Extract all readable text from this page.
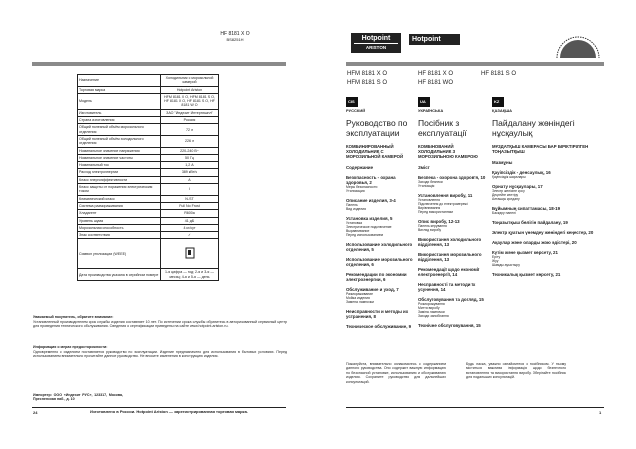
HF 8181 X O
BS8251H
Назначение	Холодильник с морозильной камерой
Торговая марка	Hotpoint Ariston
Модель	HFM 8181 X O, HFM 8181 S O, HF 8181 X O, HF 8181 S O, HF 8181 W O
Изготовитель	ЗАО "Индезит Интернэшнл"
Страна изготовления	Россия
Общий полезный объём морозильного отделения	72 л
Общий полезный объём холодильного отделения	226 л
Номинальное значение напряжения	220-240 В~
Номинальное значение частоты	50 Гц
Номинальный ток	1,2 А
Расход электроэнергии	389 кВт/ч
Класс энергоэффективности	A
Класс защиты от поражения электрическим током	I
Климатический класс	N-ST
Система размораживания	Full No Frost
Хладагент	R600a
Уровень шума	41 дБ
Морозильная способность	4 кг/сут
Знак соответствия	✓
Символ утилизации (WEEE)	
Дата производства указана в серийном номере	1-я цифра — год; 2-я и 3-я — месяц; 4-я и 5-я — день
Уважаемый покупатель, обратите внимание:
Установленный производителем срок службы изделия составляет 10 лет. По истечении срока службы обратитесь в авторизованный сервисный центр для проведения технического обслуживания. Сведения о сертификации приведены на сайте www.hotpoint-ariston.ru.
Информация о мерах предосторожности:
Одновременно с изделием поставляется руководство по эксплуатации. Изделие предназначено для использования в бытовых условиях. Перед использованием внимательно прочитайте данное руководство. Не вносите изменения в конструкцию изделия.
Импортер: ООО «Индезит РУС», 123317, Москва, Пресненская наб., д. 10
24	Изготовлено в России. Hotpoint Ariston — зарегистрированная торговая марка.
Hotpoint
ARISTON
Hotpoint
HFM 8181 X O	HF 8181 X O	HF 8181 S O
HFM 8181 S O	HF 8181 WO
CIS
РУССКИЙ
Руководство по эксплуатации
КОМБИНИРОВАННЫЙ ХОЛОДИЛЬНИК С МОРОЗИЛЬНОЙ КАМЕРОЙ
Содержание
Безопасность - охрана здоровья, 2
Меры безопасности
Утилизация
Описание изделия, 3-4
Панель
Вид изделия
Установка изделия, 5
Установка
Электрическое подключение
Выравнивание
Перед использованием
Использование холодильного отделения, 5
Использование морозильного отделения, 6
Рекомендации по экономии электроэнергии, 6
Обслуживание и уход, 7
Размораживание
Мойка изделия
Замена лампочки
Неисправности и методы их устранения, 8
Техническое обслуживание, 9
UA
УКРАЇНСЬКА
Посібник з експлуатації
КОМБІНОВАНИЙ ХОЛОДИЛЬНИК З МОРОЗИЛЬНОЮ КАМЕРОЮ
Зміст
Безпека - охорона здоров'я, 10
Заходи безпеки
Утилізація
Установлення виробу, 11
Установлення
Підключення до електромережі
Вирівнювання
Перед використанням
Опис виробу, 12-13
Панель керування
Вигляд виробу
Використання холодильного відділення, 13
Використання морозильного відділення, 13
Рекомендації щодо економії електроенергії, 14
Несправності та методи їх усунення, 14
Обслуговування та догляд, 15
Розморожування
Миття виробу
Заміна лампочки
Заходи запобігання
Технічне обслуговування, 15
KZ
ҚАЗАҚША
Пайдалану жөніндегі нұсқаулық
МҰЗДАТҚЫШ КАМЕРАСЫ БАР БІРІКТІРІЛГЕН ТОҢАЗЫТҚЫШ
Мазмұны
Қауіпсіздік - денсаулық, 16
Қауіпсіздік шаралары
Орнату нұсқаулары, 17
Электр желісіне қосу
Деңгейге келтіру
Алғашқы қолдану
Бұйымның сипаттамасы, 18-19
Басқару панелі
Тоңазытқыш бөлігін пайдалану, 19
Электр қуатын үнемдеу жөніндегі кеңестер, 20
Ақаулар және оларды жою әдістері, 20
Күтім және қызмет көрсету, 21
Еріту
Жуу
Шамды ауыстыру
Техникалық қызмет көрсету, 21
Пожалуйста, внимательно ознакомьтесь с содержанием данного руководства. Оно содержит важную информацию по безопасной установке, использованию и обслуживанию изделия. Сохраните руководство для дальнейших консультаций.
Будь ласка, уважно ознайомтеся з посібником. У ньому міститься важлива інформація щодо безпечного встановлення та використання виробу. Зберігайте посібник для подальших консультацій.
1
